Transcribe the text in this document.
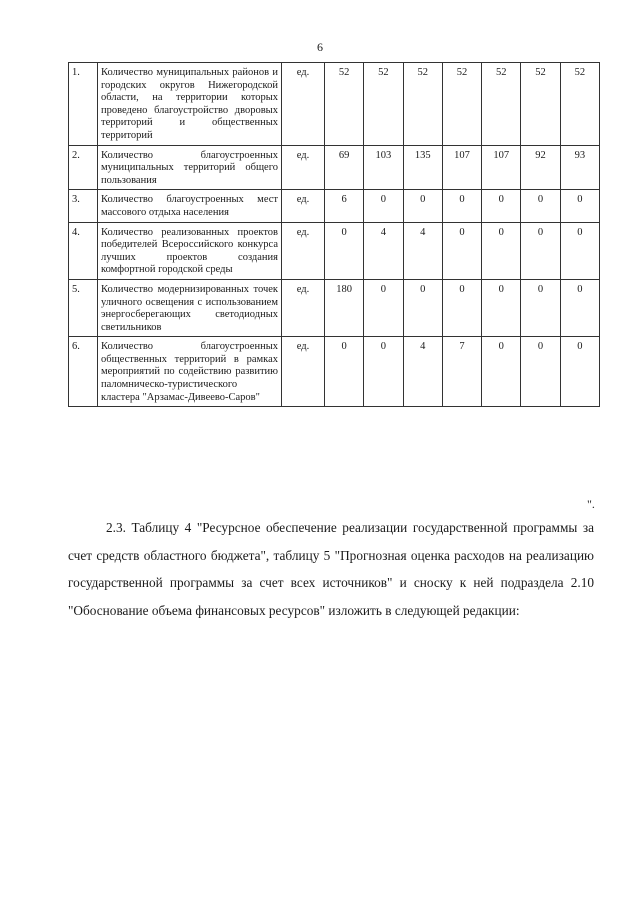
6
1.	Количество муниципальных районов и городских округов Нижегородской области, на территории которых проведено благоустройство дворовых территорий и общественных территорий	ед.	52	52	52	52	52	52	52
2.	Количество благоустроенных муниципальных территорий общего пользования	ед.	69	103	135	107	107	92	93
3.	Количество благоустроенных мест массового отдыха населения	ед.	6	0	0	0	0	0	0
4.	Количество реализованных проектов победителей Всероссийского конкурса лучших проектов создания комфортной городской среды	ед.	0	4	4	0	0	0	0
5.	Количество модернизированных точек уличного освещения с использованием энергосберегающих светодиодных светильников	ед.	180	0	0	0	0	0	0
6.	Количество благоустроенных общественных территорий в рамках мероприятий по содействию развитию паломническо-туристического кластера "Арзамас-Дивеево-Саров"	ед.	0	0	4	7	0	0	0
".

2.3. Таблицу 4 "Ресурсное обеспечение реализации государственной программы за счет средств областного бюджета", таблицу 5 "Прогнозная оценка расходов на реализацию государственной программы за счет всех источников" и сноску к ней подраздела 2.10 "Обоснование объема финансовых ресурсов" изложить в следующей редакции:
